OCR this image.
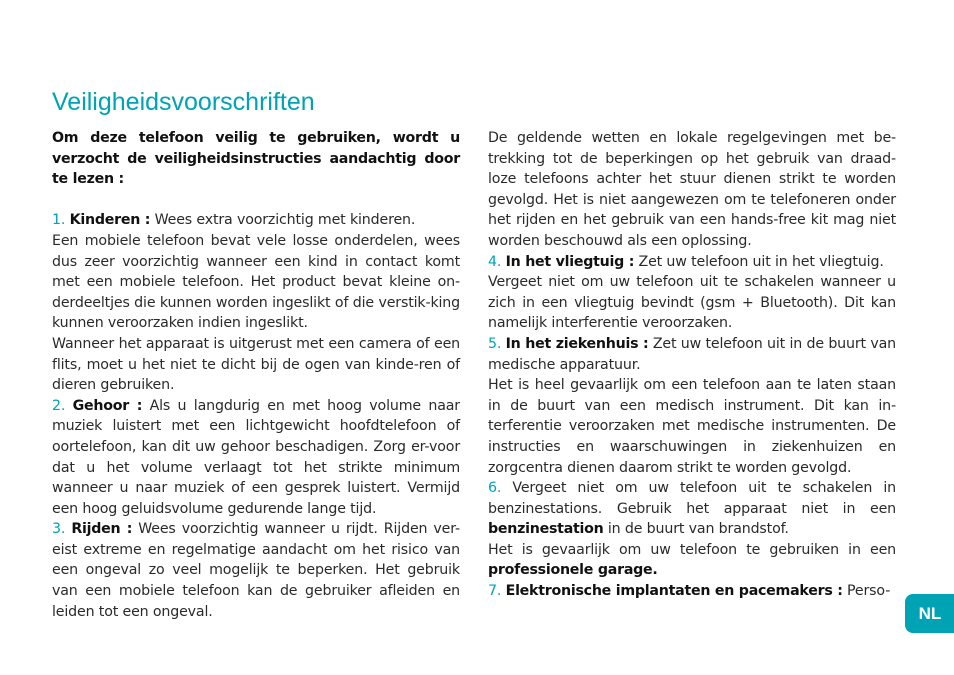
Veiligheidsvoorschriften

Om deze telefoon veilig te gebruiken, wordt u verzocht de veiligheidsinstructies aandachtig door te lezen :

1. Kinderen : Wees extra voorzichtig met kinderen.

Een mobiele telefoon bevat vele losse onderdelen, wees dus zeer voorzichtig wanneer een kind in contact komt met een mobiele telefoon. Het product bevat kleine on-derdeeltjes die kunnen worden ingeslikt of die verstik-king kunnen veroorzaken indien ingeslikt.

Wanneer het apparaat is uitgerust met een camera of een flits, moet u het niet te dicht bij de ogen van kinde-ren of dieren gebruiken.

2. Gehoor : Als u langdurig en met hoog volume naar muziek luistert met een lichtgewicht hoofdtelefoon of oortelefoon, kan dit uw gehoor beschadigen. Zorg er-voor dat u het volume verlaagt tot het strikte minimum wanneer u naar muziek of een gesprek luistert. Vermijd een hoog geluidsvolume gedurende lange tijd.

3. Rijden : Wees voorzichtig wanneer u rijdt. Rijden ver-eist extreme en regelmatige aandacht om het risico van een ongeval zo veel mogelijk te beperken. Het gebruik van een mobiele telefoon kan de gebruiker afleiden en leiden tot een ongeval.

De geldende wetten en lokale regelgevingen met be-trekking tot de beperkingen op het gebruik van draad-loze telefoons achter het stuur dienen strikt te worden gevolgd. Het is niet aangewezen om te telefoneren onder het rijden en het gebruik van een hands-free kit mag niet worden beschouwd als een oplossing.

4. In het vliegtuig : Zet uw telefoon uit in het vliegtuig.

Vergeet niet om uw telefoon uit te schakelen wanneer u zich in een vliegtuig bevindt (gsm + Bluetooth). Dit kan namelijk interferentie veroorzaken.

5. In het ziekenhuis : Zet uw telefoon uit in de buurt van medische apparatuur.

Het is heel gevaarlijk om een telefoon aan te laten staan in de buurt van een medisch instrument. Dit kan in-terferentie veroorzaken met medische instrumenten. De instructies en waarschuwingen in ziekenhuizen en zorgcentra dienen daarom strikt te worden gevolgd.

6. Vergeet niet om uw telefoon uit te schakelen in benzinestations. Gebruik het apparaat niet in een benzinestation in de buurt van brandstof.

Het is gevaarlijk om uw telefoon te gebruiken in een professionele garage.

7. Elektronische implantaten en pacemakers : Perso-

NL
